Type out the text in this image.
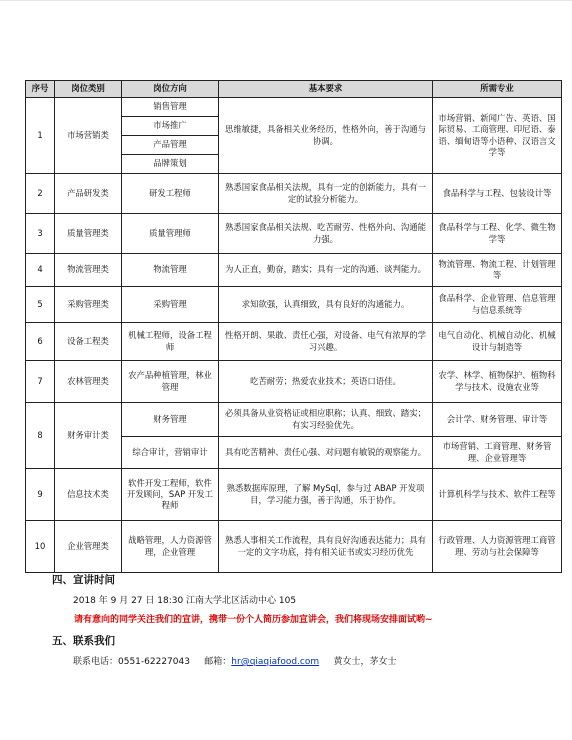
序号	岗位类别	岗位方向	基本要求	所需专业
1	市场营销类	销售管理	思维敏捷，具备相关业务经历，性格外向，善于沟通与协调。	市场营销、新闻广告、英语、国际贸易、工商管理、印尼语、泰语、缅甸语等小语种、汉语言文学等
		市场推广		
		产品管理		
		品牌策划		
2	产品研发类	研发工程师	熟悉国家食品相关法规，具有一定的创新能力，具有一定的试验分析能力。	食品科学与工程、包装设计等
3	质量管理类	质量管理师	熟悉国家食品相关法规、吃苦耐劳、性格外向、沟通能力强。	食品科学与工程、化学、微生物学等
4	物流管理类	物流管理	为人正直，勤奋，踏实；具有一定的沟通、谈判能力。	物流管理、物流工程、计划管理等
5	采购管理类	采购管理	求知欲强，认真细致，具有良好的沟通能力。	食品科学、企业管理、信息管理与信息系统等
6	设备工程类	机械工程师，设备工程师	性格开朗、果敢、责任心强，对设备、电气有浓厚的学习兴趣。	电气自动化、机械自动化、机械设计与制造等
7	农林管理类	农产品种植管理，林业管理	吃苦耐劳；热爱农业技术；英语口语佳。	农学、林学、植物保护、植物科学与技术、设施农业等
8	财务审计类	财务管理	必须具备从业资格证或相应职称；认真、细致、踏实；有实习经验优先。	会计学、财务管理、审计等
		综合审计，营销审计	具有吃苦精神、责任心强、对问题有敏锐的观察能力。	市场营销、工商管理、财务管理、企业管理等
9	信息技术类	软件开发工程师，软件开发顾问，SAP 开发工程师	熟悉数据库原理，了解 MySql，参与过 ABAP 开发项目，学习能力强，善于沟通，乐于协作。	计算机科学与技术、软件工程等
10	企业管理类	战略管理，人力资源管理，企业管理	熟悉人事相关工作流程，具有良好沟通表达能力；具有一定的文字功底，持有相关证书或实习经历优先	行政管理、人力资源管理工商管理、劳动与社会保障等
四、宣讲时间
2018 年 9 月 27 日 18:30 江南大学北区活动中心 105
请有意向的同学关注我们的宣讲，携带一份个人简历参加宣讲会，我们将现场安排面试哟~
五、联系我们
联系电话：0551-62227043 邮箱：hr@qiaqiafood.com 黄女士，茅女士
